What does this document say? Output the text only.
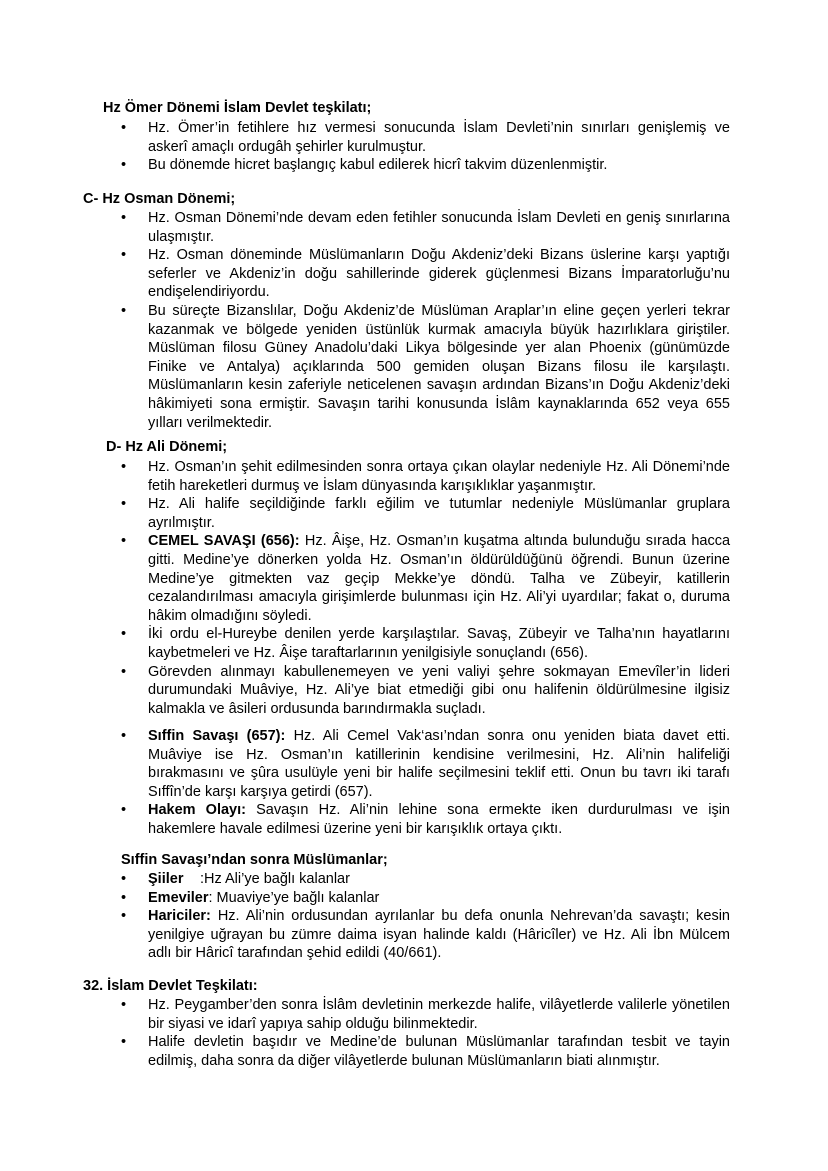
Hz Ömer Dönemi İslam Devlet teşkilatı;
• Hz. Ömer’in fetihlere hız vermesi sonucunda İslam Devleti’nin sınırları genişlemiş ve askerî amaçlı ordugâh şehirler kurulmuştur.
• Bu dönemde hicret başlangıç kabul edilerek hicrî takvim düzenlenmiştir.
C- Hz Osman Dönemi;
• Hz. Osman Dönemi’nde devam eden fetihler sonucunda İslam Devleti en geniş sınırlarına ulaşmıştır.
• Hz. Osman döneminde Müslümanların Doğu Akdeniz’deki Bizans üslerine karşı yaptığı seferler ve Akdeniz’in doğu sahillerinde giderek güçlenmesi Bizans İmparatorluğu’nu endişelendiriyordu.
• Bu süreçte Bizanslılar, Doğu Akdeniz’de Müslüman Araplar’ın eline geçen yerleri tekrar kazanmak ve bölgede yeniden üstünlük kurmak amacıyla büyük hazırlıklara giriştiler. Müslüman filosu Güney Anadolu’daki Likya bölgesinde yer alan Phoenix (günümüzde Finike ve Antalya) açıklarında 500 gemiden oluşan Bizans filosu ile karşılaştı. Müslümanların kesin zaferiyle neticelenen savaşın ardından Bizans’ın Doğu Akdeniz’deki hâkimiyeti sona ermiştir. Savaşın tarihi konusunda İslâm kaynaklarında 652 veya 655 yılları verilmektedir.
D- Hz Ali Dönemi;
• Hz. Osman’ın şehit edilmesinden sonra ortaya çıkan olaylar nedeniyle Hz. Ali Dönemi’nde fetih hareketleri durmuş ve İslam dünyasında karışıklıklar yaşanmıştır.
• Hz. Ali halife seçildiğinde farklı eğilim ve tutumlar nedeniyle Müslümanlar gruplara ayrılmıştır.
• CEMEL SAVAŞI (656): Hz. Âişe, Hz. Osman’ın kuşatma altında bulunduğu sırada hacca gitti. Medine’ye dönerken yolda Hz. Osman’ın öldürüldüğünü öğrendi. Bunun üzerine Medine’ye gitmekten vaz geçip Mekke’ye döndü. Talha ve Zübeyir, katillerin cezalandırılması amacıyla girişimlerde bulunması için Hz. Ali’yi uyardılar; fakat o, duruma hâkim olmadığını söyledi.
• İki ordu el-Hureybe denilen yerde karşılaştılar. Savaş, Zübeyir ve Talha’nın hayatlarını kaybetmeleri ve Hz. Âişe taraftarlarının yenilgisiyle sonuçlandı (656).
• Görevden alınmayı kabullenemeyen ve yeni valiyi şehre sokmayan Emevîler’in lideri durumundaki Muâviye, Hz. Ali’ye biat etmediği gibi onu halifenin öldürülmesine ilgisiz kalmakla ve âsileri ordusunda barındırmakla suçladı.
• Sıffin Savaşı (657): Hz. Ali Cemel Vak‘ası’ndan sonra onu yeniden biata davet etti. Muâviye ise Hz. Osman’ın katillerinin kendisine verilmesini, Hz. Ali’nin halifeliği bırakmasını ve şûra usulüyle yeni bir halife seçilmesini teklif etti. Onun bu tavrı iki tarafı Sıffîn’de karşı karşıya getirdi (657).
• Hakem Olayı: Savaşın Hz. Ali’nin lehine sona ermekte iken durdurulması ve işin hakemlere havale edilmesi üzerine yeni bir karışıklık ortaya çıktı.
Sıffin Savaşı’ndan sonra Müslümanlar;
• Şiiler :Hz Ali’ye bağlı kalanlar
• Emeviler: Muaviye’ye bağlı kalanlar
• Hariciler: Hz. Ali’nin ordusundan ayrılanlar bu defa onunla Nehrevan’da savaştı; kesin yenilgiye uğrayan bu zümre daima isyan halinde kaldı (Hâricîler) ve Hz. Ali İbn Mülcem adlı bir Hâricî tarafından şehid edildi (40/661).
32. İslam Devlet Teşkilatı:
• Hz. Peygamber’den sonra İslâm devletinin merkezde halife, vilâyetlerde valilerle yönetilen bir siyasi ve idarî yapıya sahip olduğu bilinmektedir.
• Halife devletin başıdır ve Medine’de bulunan Müslümanlar tarafından tesbit ve tayin edilmiş, daha sonra da diğer vilâyetlerde bulunan Müslümanların biati alınmıştır.
